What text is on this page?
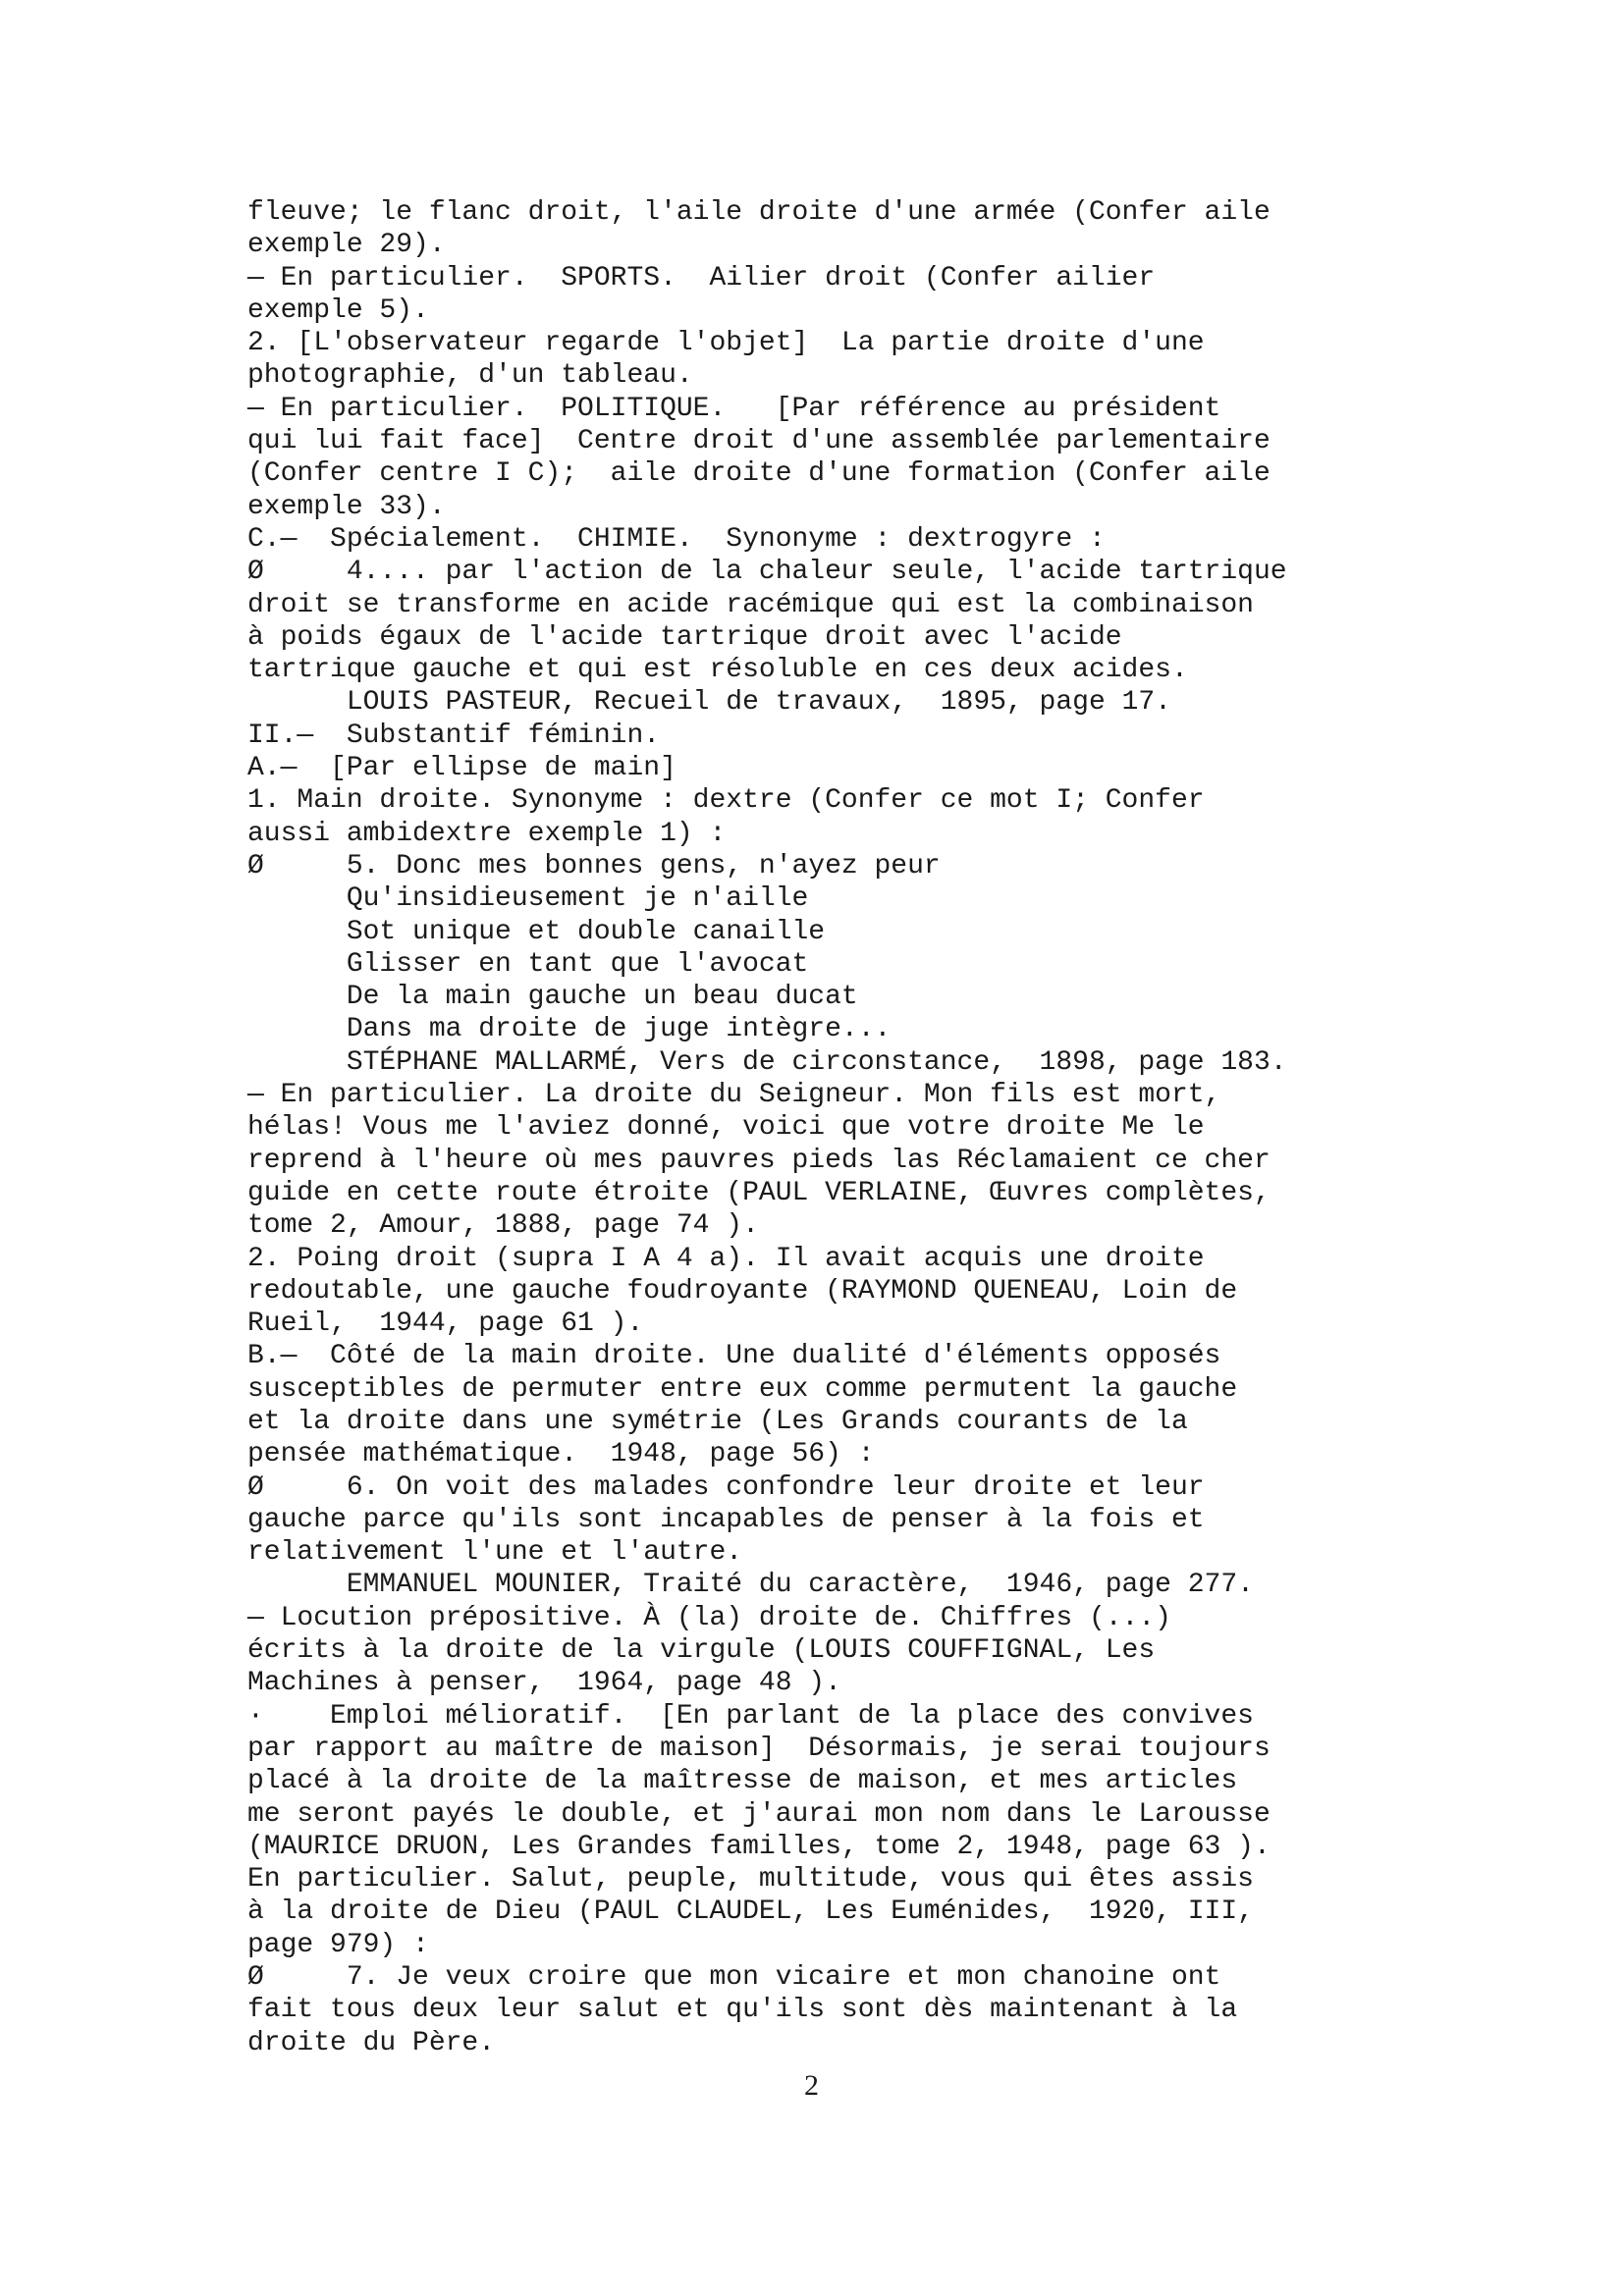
fleuve; le flanc droit, l'aile droite d'une armée (Confer aile
exemple 29).
— En particulier.  SPORTS.  Ailier droit (Confer ailier
exemple 5).
2. [L'observateur regarde l'objet]  La partie droite d'une
photographie, d'un tableau.
— En particulier.  POLITIQUE.   [Par référence au président
qui lui fait face]  Centre droit d'une assemblée parlementaire
(Confer centre I C);  aile droite d'une formation (Confer aile
exemple 33).
C.—  Spécialement.  CHIMIE.  Synonyme : dextrogyre :
Ø     4.... par l'action de la chaleur seule, l'acide tartrique
droit se transforme en acide racémique qui est la combinaison
à poids égaux de l'acide tartrique droit avec l'acide
tartrique gauche et qui est résoluble en ces deux acides.
LOUIS PASTEUR, Recueil de travaux,  1895, page 17.
II.—  Substantif féminin.
A.—  [Par ellipse de main]
1. Main droite. Synonyme : dextre (Confer ce mot I; Confer
aussi ambidextre exemple 1) :
Ø     5. Donc mes bonnes gens, n'ayez peur
Qu'insidieusement je n'aille
Sot unique et double canaille
Glisser en tant que l'avocat
De la main gauche un beau ducat
Dans ma droite de juge intègre...
STÉPHANE MALLARMÉ, Vers de circonstance,  1898, page 183.
— En particulier. La droite du Seigneur. Mon fils est mort,
hélas! Vous me l'aviez donné, voici que votre droite Me le
reprend à l'heure où mes pauvres pieds las Réclamaient ce cher
guide en cette route étroite (PAUL VERLAINE, Œuvres complètes,
tome 2, Amour, 1888, page 74 ).
2. Poing droit (supra I A 4 a). Il avait acquis une droite
redoutable, une gauche foudroyante (RAYMOND QUENEAU, Loin de
Rueil,  1944, page 61 ).
B.—  Côté de la main droite. Une dualité d'éléments opposés
susceptibles de permuter entre eux comme permutent la gauche
et la droite dans une symétrie (Les Grands courants de la
pensée mathématique.  1948, page 56) :
Ø     6. On voit des malades confondre leur droite et leur
gauche parce qu'ils sont incapables de penser à la fois et
relativement l'une et l'autre.
EMMANUEL MOUNIER, Traité du caractère,  1946, page 277.
— Locution prépositive. À (la) droite de. Chiffres (...)
écrits à la droite de la virgule (LOUIS COUFFIGNAL, Les
Machines à penser,  1964, page 48 ).
·    Emploi mélioratif.  [En parlant de la place des convives
par rapport au maître de maison]  Désormais, je serai toujours
placé à la droite de la maîtresse de maison, et mes articles
me seront payés le double, et j'aurai mon nom dans le Larousse
(MAURICE DRUON, Les Grandes familles, tome 2, 1948, page 63 ).
En particulier. Salut, peuple, multitude, vous qui êtes assis
à la droite de Dieu (PAUL CLAUDEL, Les Euménides,  1920, III,
page 979) :
Ø     7. Je veux croire que mon vicaire et mon chanoine ont
fait tous deux leur salut et qu'ils sont dès maintenant à la
droite du Père.
2
